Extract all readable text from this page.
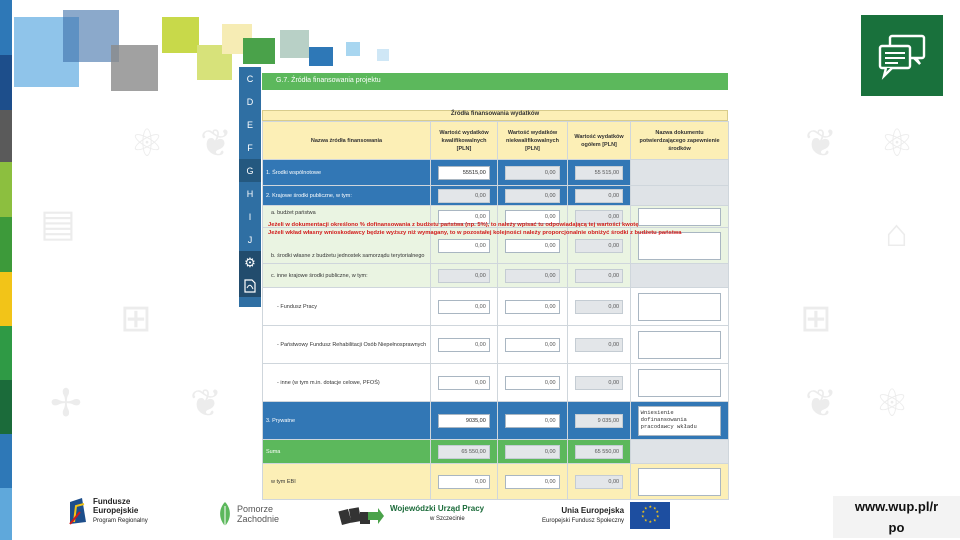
⚛ ❦	❦ ⚛
▤	⌂
⊞	⊞
❦	⚛
✢	❦
C
D
E
F
G
H
I
J
⚙
G.7. Źródła finansowania projektu
Źródła finansowania wydatków
Nazwa źródła finansowania	Wartość wydatków kwalifikowalnych [PLN]	Wartość wydatków niekwalifikowalnych [PLN]	Wartość wydatków ogółem [PLN]	Nazwa dokumentu potwierdzającego zapewnienie środków
1. Środki wspólnotowe	55515,00	0,00	55 515,00	

2. Krajowe środki publiczne, w tym:	0,00	0,00	0,00	

a. budżet państwa	0,00	0,00	0,00	

b. środki własne z budżetu jednostek samorządu terytorialnego	0,00	0,00	0,00	

c. inne krajowe środki publiczne, w tym:	0,00	0,00	0,00	

- Fundusz Pracy	0,00	0,00	0,00	

- Państwowy Fundusz Rehabilitacji Osób Niepełnosprawnych	0,00	0,00	0,00	

- inne (w tym m.in. dotacje celowe, PFOŚ)	0,00	0,00	0,00	

3. Prywatne	9035,00	0,00	9 035,00	Wniesienie dofinansowania pracodawcy wkładu

Suma	65 550,00	0,00	65 550,00	

w tym EBI	0,00	0,00	0,00	

Jeżeli w dokumentacji określono % dofinansowania z budżetu państwa (np. 5%), to należy wpisać tu odpowiadającą tej wartości kwotę
Jeżeli wkład własny wnioskodawcy będzie wyższy niż wymagany, to w pozostałej kolejności należy proporcjonalnie obniżyć środki z budżetu państwa
Fundusze
Europejskie
Program Regionalny
Pomorze
Zachodnie
Wojewódzki Urząd Pracy
w Szczecinie
Unia Europejska
Europejski Fundusz Społeczny
★ ★
★
★
★
★
★
★
★
★	www.wup.pl/r
po
